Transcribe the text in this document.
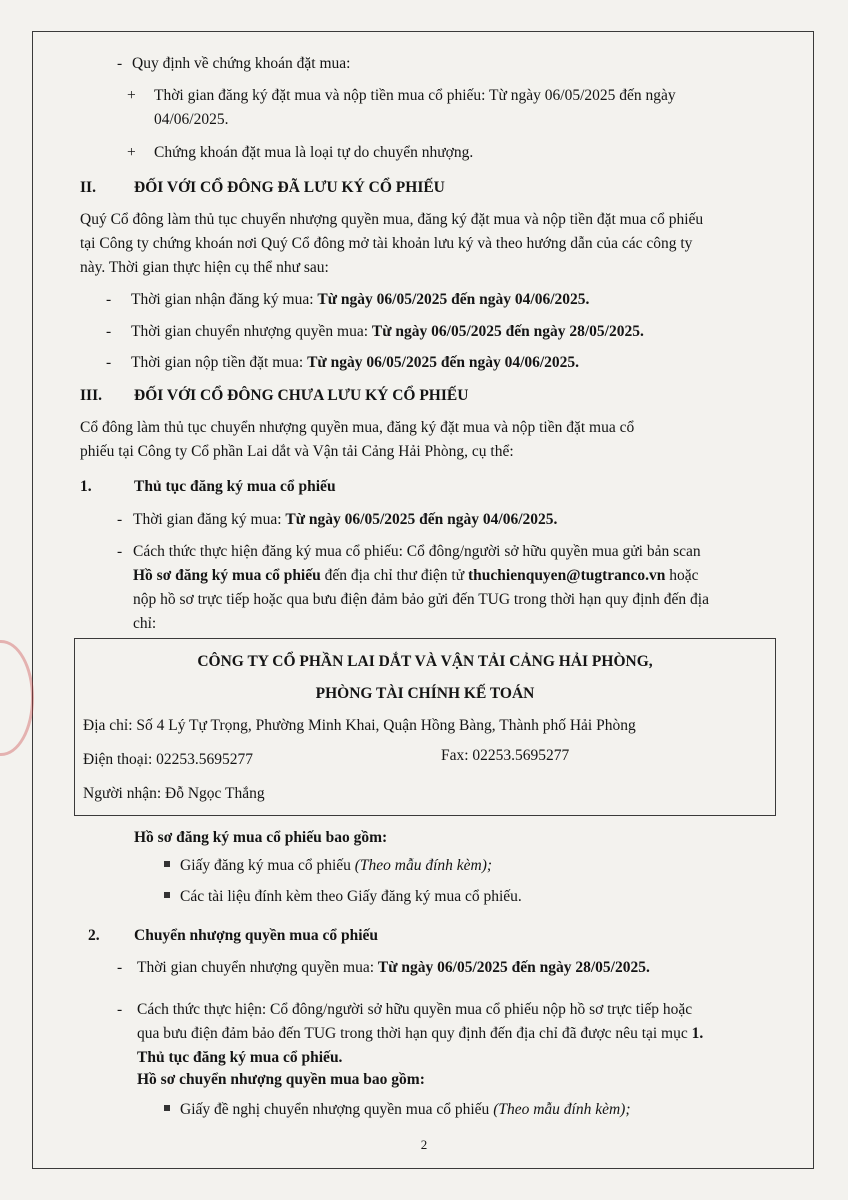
- Quy định về chứng khoán đặt mua:
+ Thời gian đăng ký đặt mua và nộp tiền mua cổ phiếu: Từ ngày 06/05/2025 đến ngày
04/06/2025.
+ Chứng khoán đặt mua là loại tự do chuyển nhượng.
II. ĐỐI VỚI CỔ ĐÔNG ĐÃ LƯU KÝ CỔ PHIẾU
Quý Cổ đông làm thủ tục chuyển nhượng quyền mua, đăng ký đặt mua và nộp tiền đặt mua cổ phiếu
tại Công ty chứng khoán nơi Quý Cổ đông mở tài khoản lưu ký và theo hướng dẫn của các công ty
này. Thời gian thực hiện cụ thể như sau:
- Thời gian nhận đăng ký mua: Từ ngày 06/05/2025 đến ngày 04/06/2025.
- Thời gian chuyển nhượng quyền mua: Từ ngày 06/05/2025 đến ngày 28/05/2025.
- Thời gian nộp tiền đặt mua: Từ ngày 06/05/2025 đến ngày 04/06/2025.
III. ĐỐI VỚI CỔ ĐÔNG CHƯA LƯU KÝ CỔ PHIẾU
Cổ đông làm thủ tục chuyển nhượng quyền mua, đăng ký đặt mua và nộp tiền đặt mua cổ
phiếu tại Công ty Cổ phần Lai dắt và Vận tải Cảng Hải Phòng, cụ thể:
1.	Thủ tục đăng ký mua cổ phiếu
- Thời gian đăng ký mua: Từ ngày 06/05/2025 đến ngày 04/06/2025.
- Cách thức thực hiện đăng ký mua cổ phiếu: Cổ đông/người sở hữu quyền mua gửi bản scan
Hồ sơ đăng ký mua cổ phiếu đến địa chỉ thư điện tử thuchienquyen@tugtranco.vn hoặc
nộp hồ sơ trực tiếp hoặc qua bưu điện đảm bảo gửi đến TUG trong thời hạn quy định đến địa
chỉ:
CÔNG TY CỔ PHẦN LAI DẮT VÀ VẬN TẢI CẢNG HẢI PHÒNG,
PHÒNG TÀI CHÍNH KẾ TOÁN
Địa chỉ: Số 4 Lý Tự Trọng, Phường Minh Khai, Quận Hồng Bàng, Thành phố Hải Phòng
Điện thoại: 02253.5695277	Fax: 02253.5695277
Người nhận: Đỗ Ngọc Thắng
Hồ sơ đăng ký mua cổ phiếu bao gồm:
Giấy đăng ký mua cổ phiếu (Theo mẫu đính kèm);
Các tài liệu đính kèm theo Giấy đăng ký mua cổ phiếu.
2. Chuyển nhượng quyền mua cổ phiếu
- Thời gian chuyển nhượng quyền mua: Từ ngày 06/05/2025 đến ngày 28/05/2025.
- Cách thức thực hiện: Cổ đông/người sở hữu quyền mua cổ phiếu nộp hồ sơ trực tiếp hoặc
qua bưu điện đảm bảo đến TUG trong thời hạn quy định đến địa chỉ đã được nêu tại mục 1.
Thủ tục đăng ký mua cổ phiếu.
Hồ sơ chuyển nhượng quyền mua bao gồm:
Giấy đề nghị chuyển nhượng quyền mua cổ phiếu (Theo mẫu đính kèm);
2
